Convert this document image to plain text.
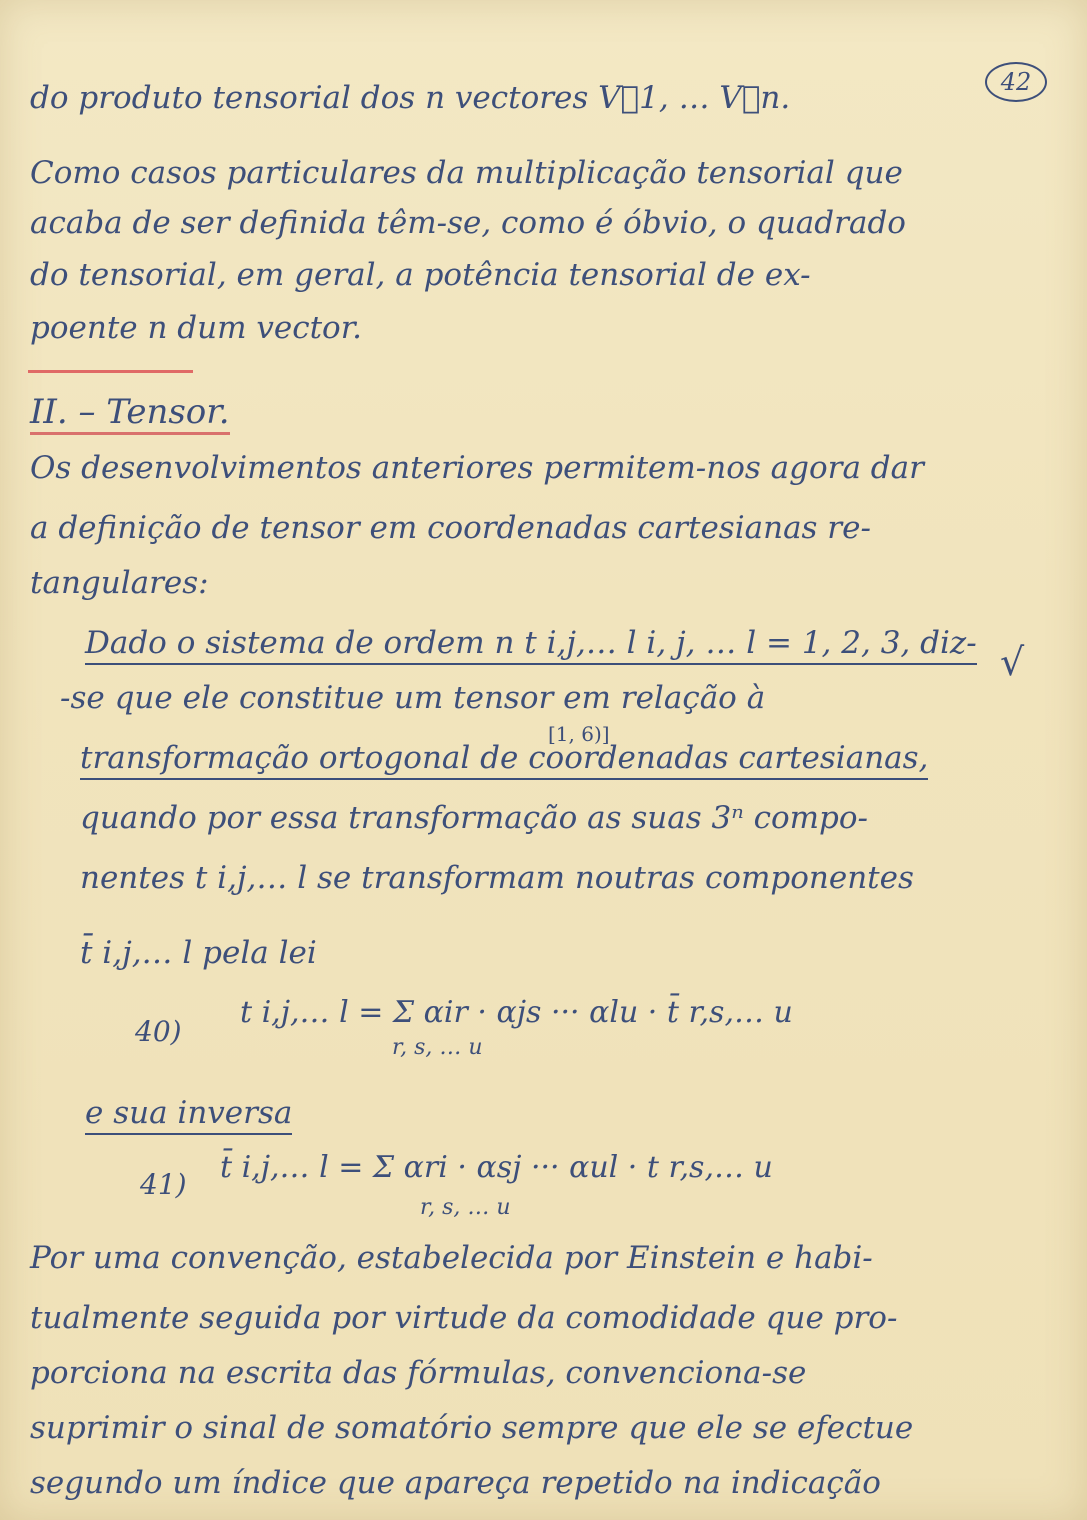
42
do produto tensorial dos n vectores V⃗1, … V⃗n.
Como casos particulares da multiplicação tensorial que
acaba de ser definida têm-se, como é óbvio, o quadrado
do tensorial, em geral, a potência tensorial de ex-
poente n dum vector.
II. – Tensor.
Os desenvolvimentos anteriores permitem-nos agora dar
a definição de tensor em coordenadas cartesianas re-
tangulares:
Dado o sistema de ordem n t i,j,… l i, j, … l = 1, 2, 3, diz- √
-se que ele constitue um tensor em relação à
[1, 6)]
transformação ortogonal de coordenadas cartesianas,
quando por essa transformação as suas 3ⁿ compo-
nentes t i,j,… l se transformam noutras componentes
t̄ i,j,… l pela lei
40)
t i,j,… l = Σ αir · αjs ··· αlu · t̄ r,s,… u
r, s, … u
e sua inversa
41) t̄ i,j,… l = Σ αri · αsj ··· αul · t r,s,… u
r, s, … u
Por uma convenção, estabelecida por Einstein e habi-
tualmente seguida por virtude da comodidade que pro-
porciona na escrita das fórmulas, convenciona-se
suprimir o sinal de somatório sempre que ele se efectue
segundo um índice que apareça repetido na indicação
